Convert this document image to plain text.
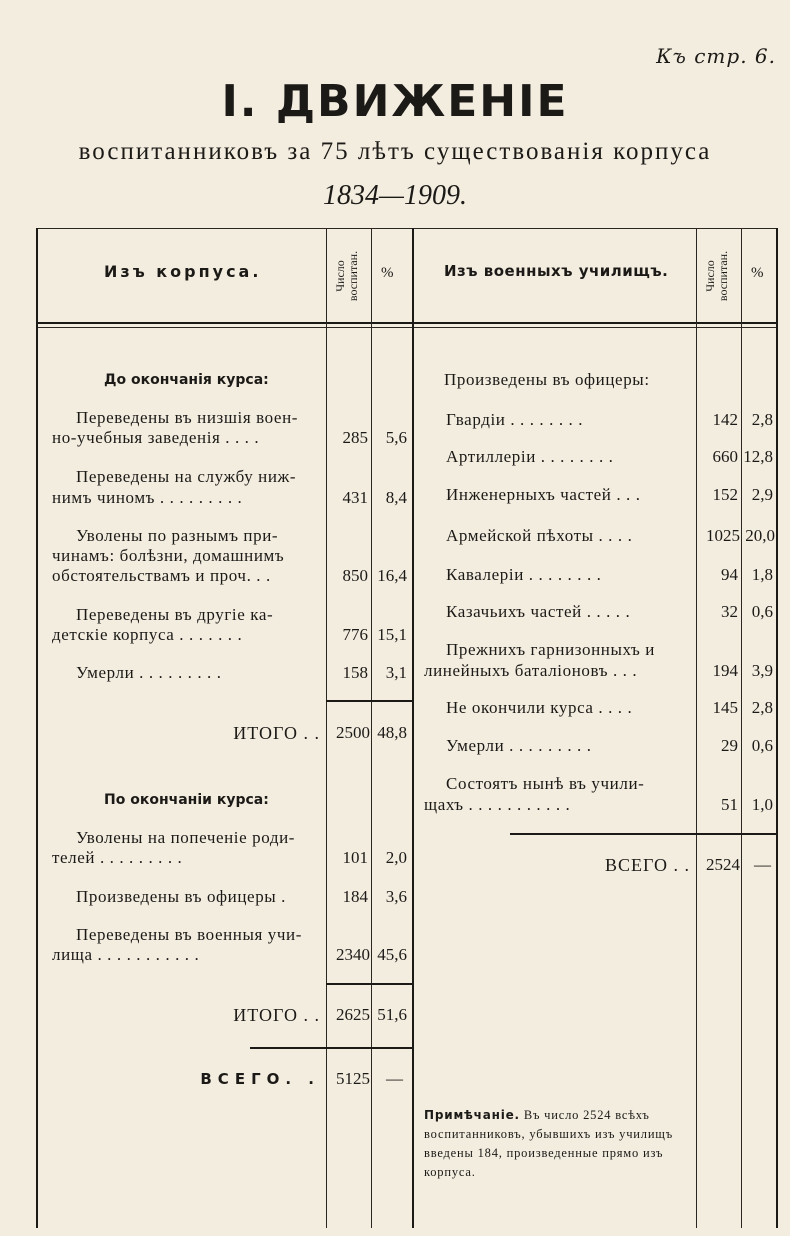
Къ стр. 6.
I. ДВИЖЕНІЕ
воспитанниковъ за 75 лѣтъ существованія корпуса
1834—1909.
Изъ корпуса.	Число воспитан. %	Изъ военныхъ училищъ.	Число воспитан. %
До окончанія курса:
Переведены въ низшія воен-
но-учебныя заведенія . . . .	285	5,6
Переведены на службу ниж-
нимъ чиномъ . . . . . . . . .	431	8,4
Уволены по разнымъ при-
чинамъ: болѣзни, домашнимъ
обстоятельствамъ и проч. . .	850 16,4
Переведены въ другіе ка-
детскіе корпуса . . . . . . .	776 15,1
Умерли . . . . . . . . .	158	3,1
ИТОГО . . 2500 48,8
По окончаніи курса:
Уволены на попеченіе роди-
телей . . . . . . . . .	101	2,0
Произведены въ офицеры .	184	3,6
Переведены въ военныя учи-
лища . . . . . . . . . . .	2340 45,6
ИТОГО . . 2625 51,6
ВСЕГО. . 5125 —
Произведены въ офицеры:
Гвардіи . . . . . . . .	142 2,8
Артиллеріи . . . . . . . .	660 12,8
Инженерныхъ частей . . .	152 2,9
Армейской пѣхоты . . . .	1025 20,0
Кавалеріи . . . . . . . .	94 1,8
Казачьихъ частей . . . . .	32 0,6
Прежнихъ гарнизонныхъ и
линейныхъ баталіоновъ . . .	194 3,9
Не окончили курса . . . .	145 2,8
Умерли . . . . . . . . .	29 0,6
Состоятъ нынѣ въ учили-
щахъ . . . . . . . . . . .	51 1,0
ВСЕГО . . 2524 —
Примѣчаніе. Въ число 2524 всѣхъ воспитанниковъ, убывшихъ изъ училищъ введены 184, произведенные прямо изъ корпуса.
